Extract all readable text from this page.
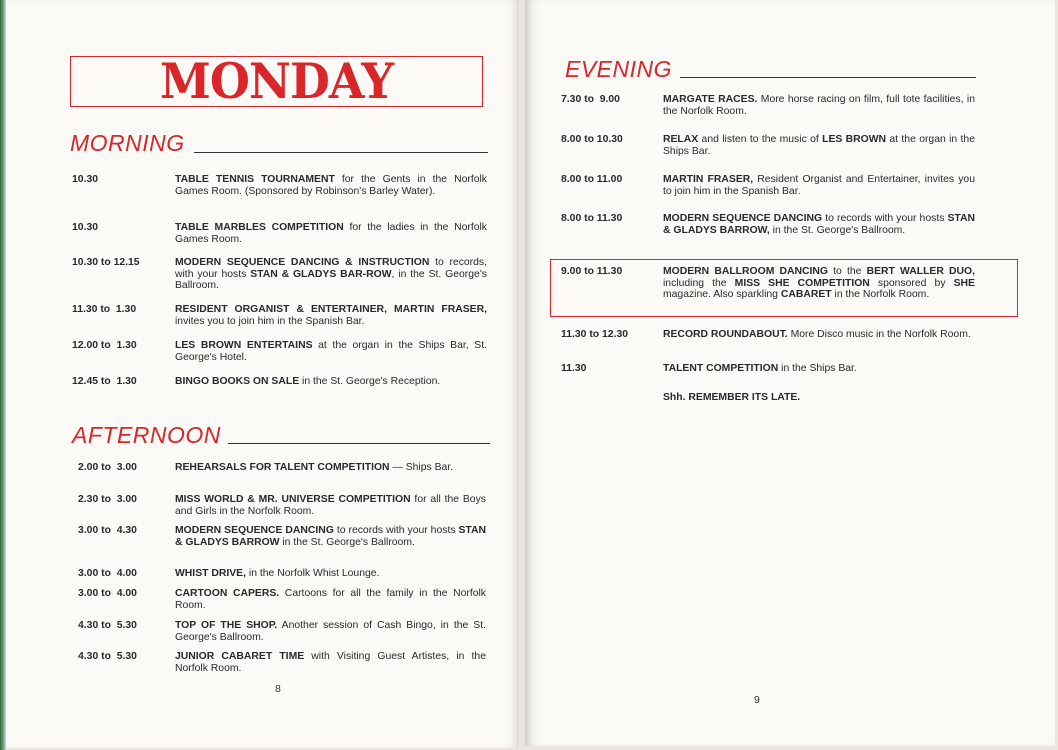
MONDAY
MORNING
10.30	TABLE TENNIS TOURNAMENT for the Gents in the Norfolk Games Room. (Sponsored by Robinson's Barley Water).
10.30	TABLE MARBLES COMPETITION for the ladies in the Norfolk Games Room.
10.30 to 12.15	MODERN SEQUENCE DANCING & INSTRUCTION to records, with your hosts STAN & GLADYS BAR-ROW, in the St. George's Ballroom.
11.30 to  1.30	RESIDENT ORGANIST & ENTERTAINER, MARTIN FRASER, invites you to join him in the Spanish Bar.
12.00 to  1.30	LES BROWN ENTERTAINS at the organ in the Ships Bar, St. George's Hotel.
12.45 to  1.30	BINGO BOOKS ON SALE in the St. George's Reception.
AFTERNOON
2.00 to  3.00	REHEARSALS FOR TALENT COMPETITION — Ships Bar.
2.30 to  3.00	MISS WORLD & MR. UNIVERSE COMPETITION for all the Boys and Girls in the Norfolk Room.
3.00 to  4.30	MODERN SEQUENCE DANCING to records with your hosts STAN & GLADYS BARROW in the St. George's Ballroom.
3.00 to  4.00	WHIST DRIVE, in the Norfolk Whist Lounge.
3.00 to  4.00	CARTOON CAPERS. Cartoons for all the family in the Norfolk Room.
4.30 to  5.30	TOP OF THE SHOP. Another session of Cash Bingo, in the St. George's Ballroom.
4.30 to  5.30	JUNIOR CABARET TIME with Visiting Guest Artistes, in the Norfolk Room.
8
EVENING
7.30 to  9.00	MARGATE RACES. More horse racing on film, full tote facilities, in the Norfolk Room.
8.00 to 10.30	RELAX and listen to the music of LES BROWN at the organ in the Ships Bar.
8.00 to 11.00	MARTIN FRASER, Resident Organist and Entertainer, invites you to join him in the Spanish Bar.
8.00 to 11.30	MODERN SEQUENCE DANCING to records with your hosts STAN & GLADYS BARROW, in the St. George's Ballroom.
9.00 to 11.30	MODERN BALLROOM DANCING to the BERT WALLER DUO, including the MISS SHE COMPETITION sponsored by SHE magazine. Also sparkling CABARET in the Norfolk Room.
11.30 to 12.30	RECORD ROUNDABOUT. More Disco music in the Norfolk Room.
11.30	TALENT COMPETITION in the Ships Bar.
Shh. REMEMBER ITS LATE.
9
